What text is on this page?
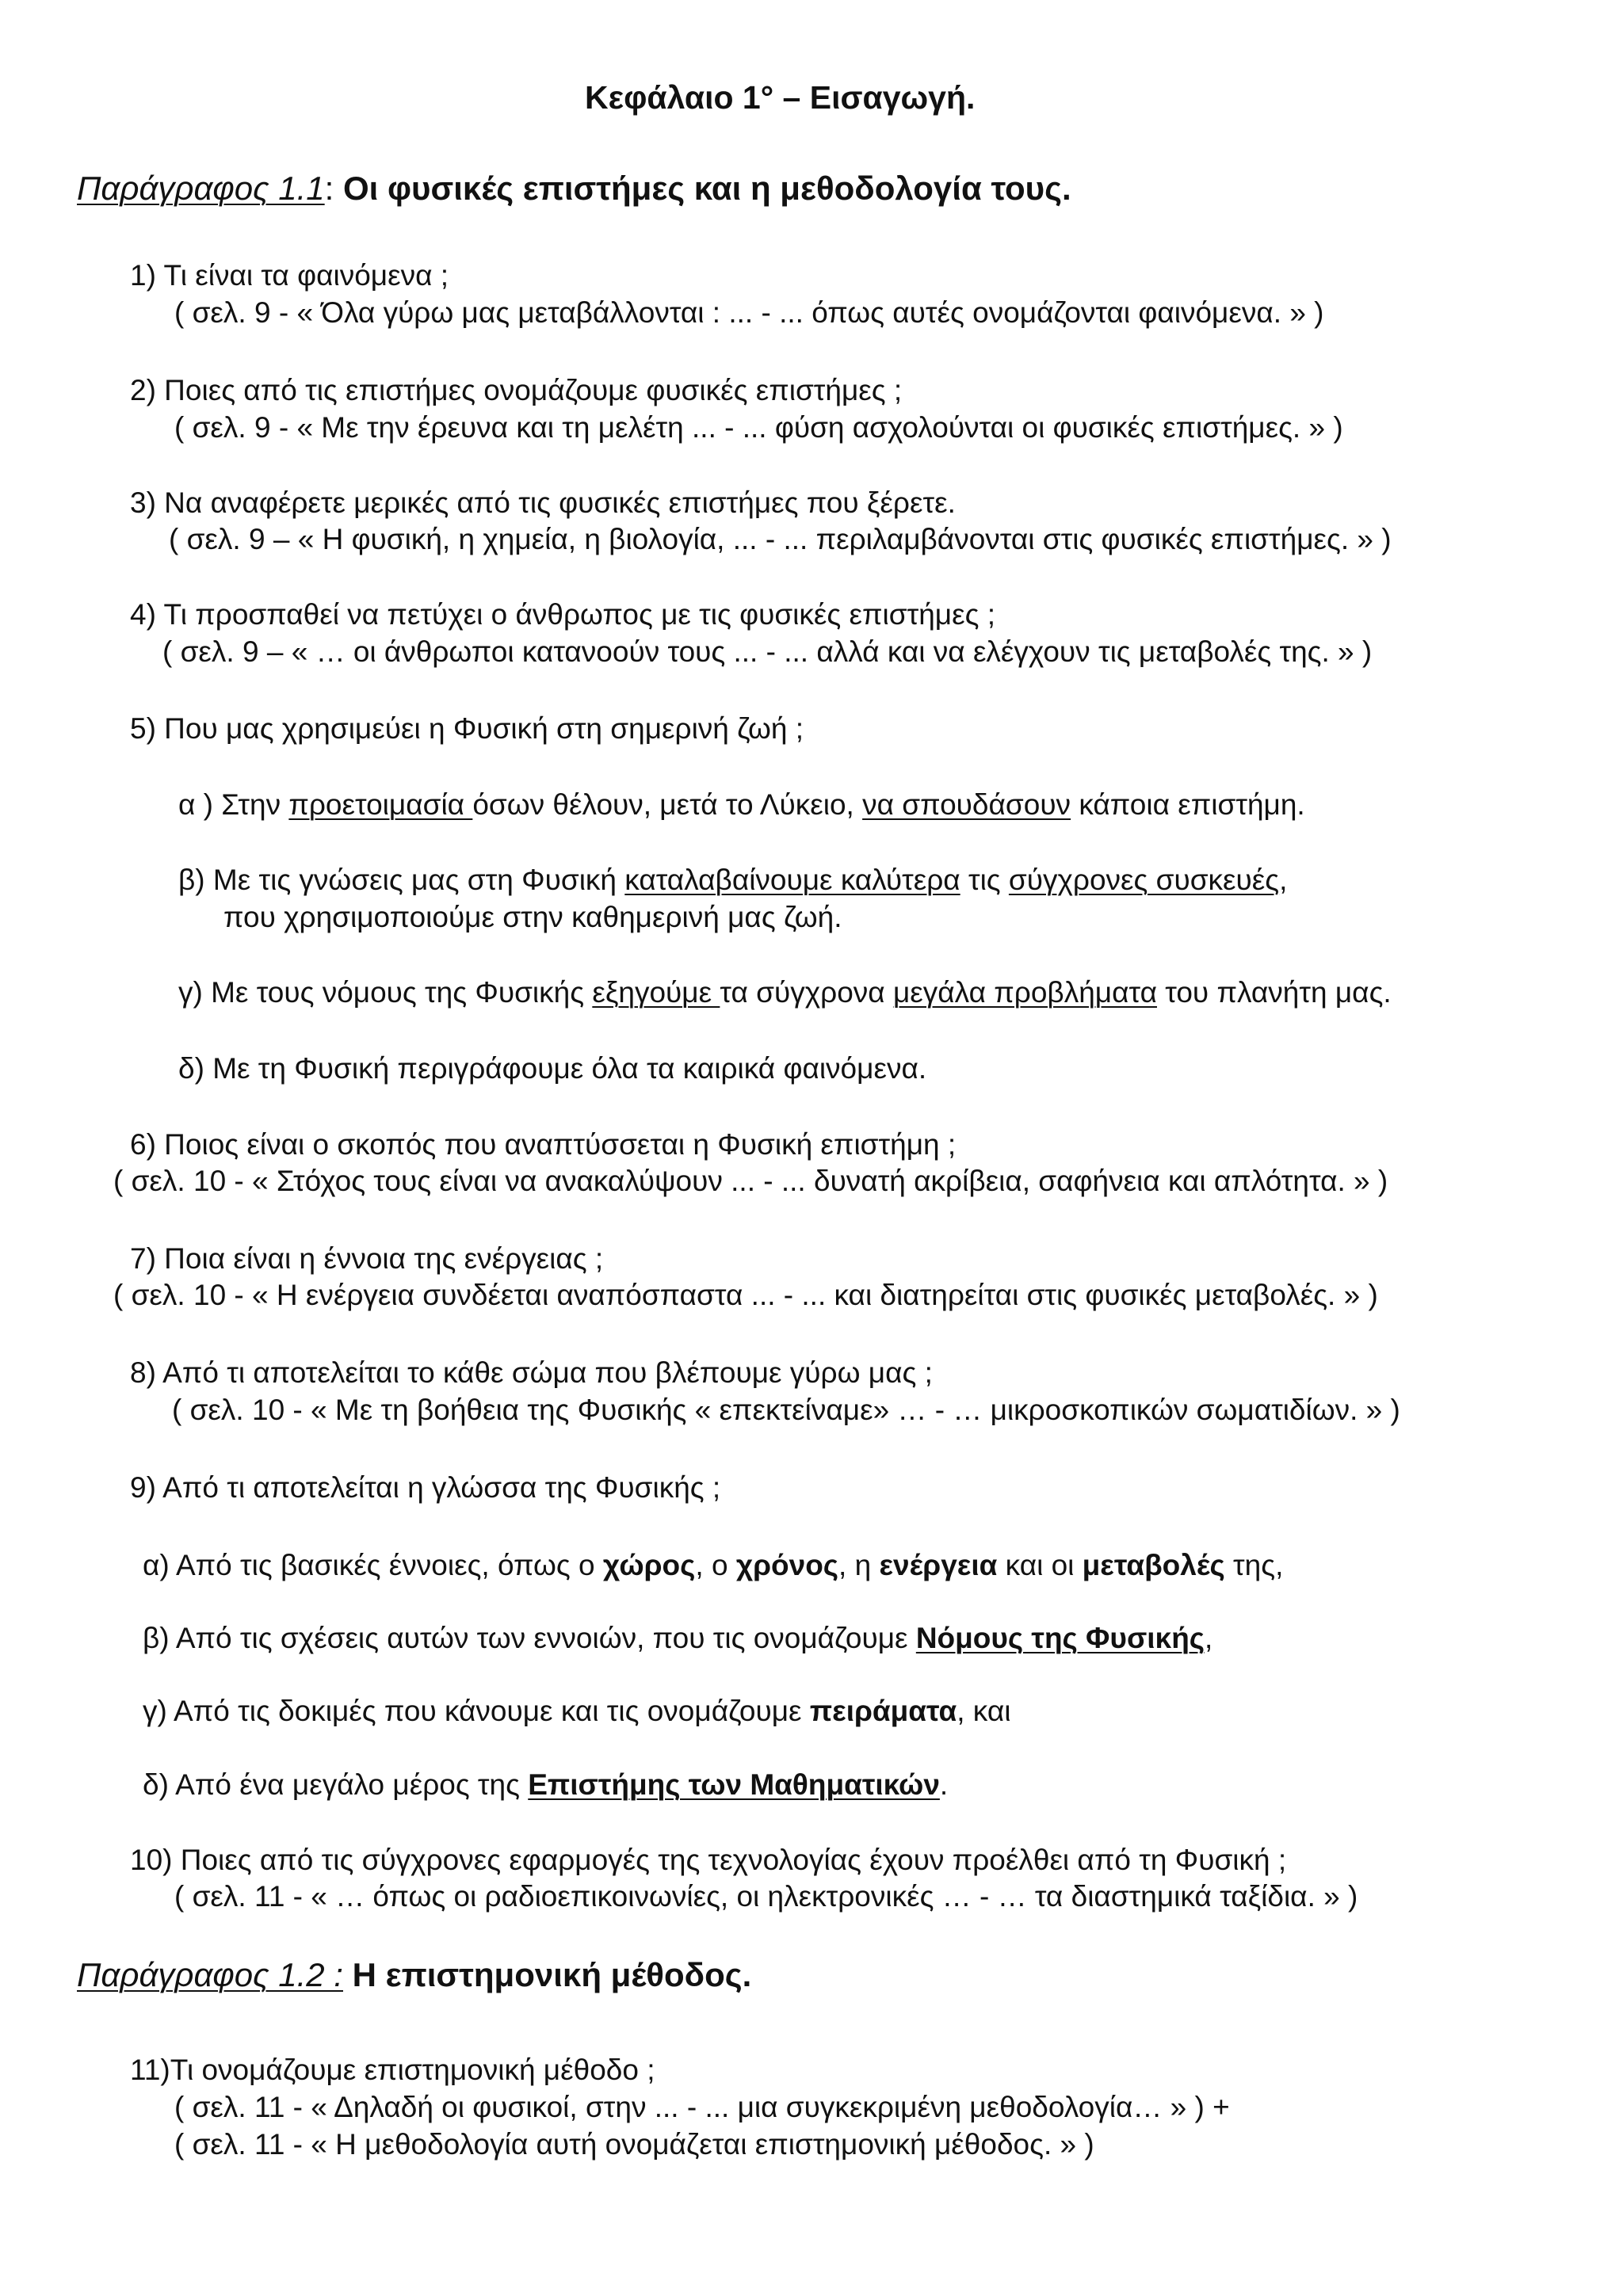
Κεφάλαιο 1° – Εισαγωγή.
Παράγραφος 1.1: Οι φυσικές επιστήμες και η μεθοδολογία τους.
1) Τι είναι τα φαινόμενα ;
( σελ. 9 - « Όλα γύρω μας μεταβάλλονται : ... - ... όπως αυτές ονομάζονται φαινόμενα. » )
2) Ποιες από τις επιστήμες ονομάζουμε φυσικές επιστήμες ;
( σελ. 9 - « Με την έρευνα και τη μελέτη ... - ... φύση ασχολούνται οι φυσικές επιστήμες. » )
3) Να αναφέρετε μερικές από τις φυσικές επιστήμες που ξέρετε.
( σελ. 9 – « Η φυσική, η χημεία, η βιολογία, ... - ... περιλαμβάνονται στις φυσικές επιστήμες. » )
4) Τι προσπαθεί να πετύχει ο άνθρωπος με τις φυσικές επιστήμες ;
( σελ. 9 – « … οι άνθρωποι κατανοούν τους ... - ... αλλά και να ελέγχουν τις μεταβολές της. » )
5) Που μας χρησιμεύει η Φυσική στη σημερινή ζωή ;
α ) Στην προετοιμασία όσων θέλουν, μετά το Λύκειο, να σπουδάσουν κάποια επιστήμη.
β) Με τις γνώσεις μας στη Φυσική καταλαβαίνουμε καλύτερα τις σύγχρονες συσκευές,
που χρησιμοποιούμε στην καθημερινή μας ζωή.
γ) Με τους νόμους της Φυσικής εξηγούμε τα σύγχρονα μεγάλα προβλήματα του πλανήτη μας.
δ) Με τη Φυσική περιγράφουμε όλα τα καιρικά φαινόμενα.
6) Ποιος είναι ο σκοπός που αναπτύσσεται η Φυσική επιστήμη ;
( σελ. 10 - « Στόχος τους είναι να ανακαλύψουν ... - ... δυνατή ακρίβεια, σαφήνεια και απλότητα. » )
7) Ποια είναι η έννοια της ενέργειας ;
( σελ. 10 - « Η ενέργεια συνδέεται αναπόσπαστα ... - ... και διατηρείται στις φυσικές μεταβολές. » )
8) Από τι αποτελείται το κάθε σώμα που βλέπουμε γύρω μας ;
( σελ. 10 - « Με τη βοήθεια της Φυσικής « επεκτείναμε» … - … μικροσκοπικών σωματιδίων. » )
9) Από τι αποτελείται η γλώσσα της Φυσικής ;
α) Από τις βασικές έννοιες, όπως ο χώρος, ο χρόνος, η ενέργεια και οι μεταβολές της,
β) Από τις σχέσεις αυτών των εννοιών, που τις ονομάζουμε Νόμους της Φυσικής,
γ) Από τις δοκιμές που κάνουμε και τις ονομάζουμε πειράματα, και
δ) Από ένα μεγάλο μέρος της Επιστήμης των Μαθηματικών.
10) Ποιες από τις σύγχρονες εφαρμογές της τεχνολογίας έχουν προέλθει από τη Φυσική ;
( σελ. 11 - « … όπως οι ραδιοεπικοινωνίες, οι ηλεκτρονικές … - … τα διαστημικά ταξίδια. » )
Παράγραφος 1.2 : Η επιστημονική μέθοδος.
11)Τι ονομάζουμε επιστημονική μέθοδο ;
( σελ. 11 - « Δηλαδή οι φυσικοί, στην ... - ... μια συγκεκριμένη μεθοδολογία… » ) +
( σελ. 11 - « Η μεθοδολογία αυτή ονομάζεται επιστημονική μέθοδος. » )
